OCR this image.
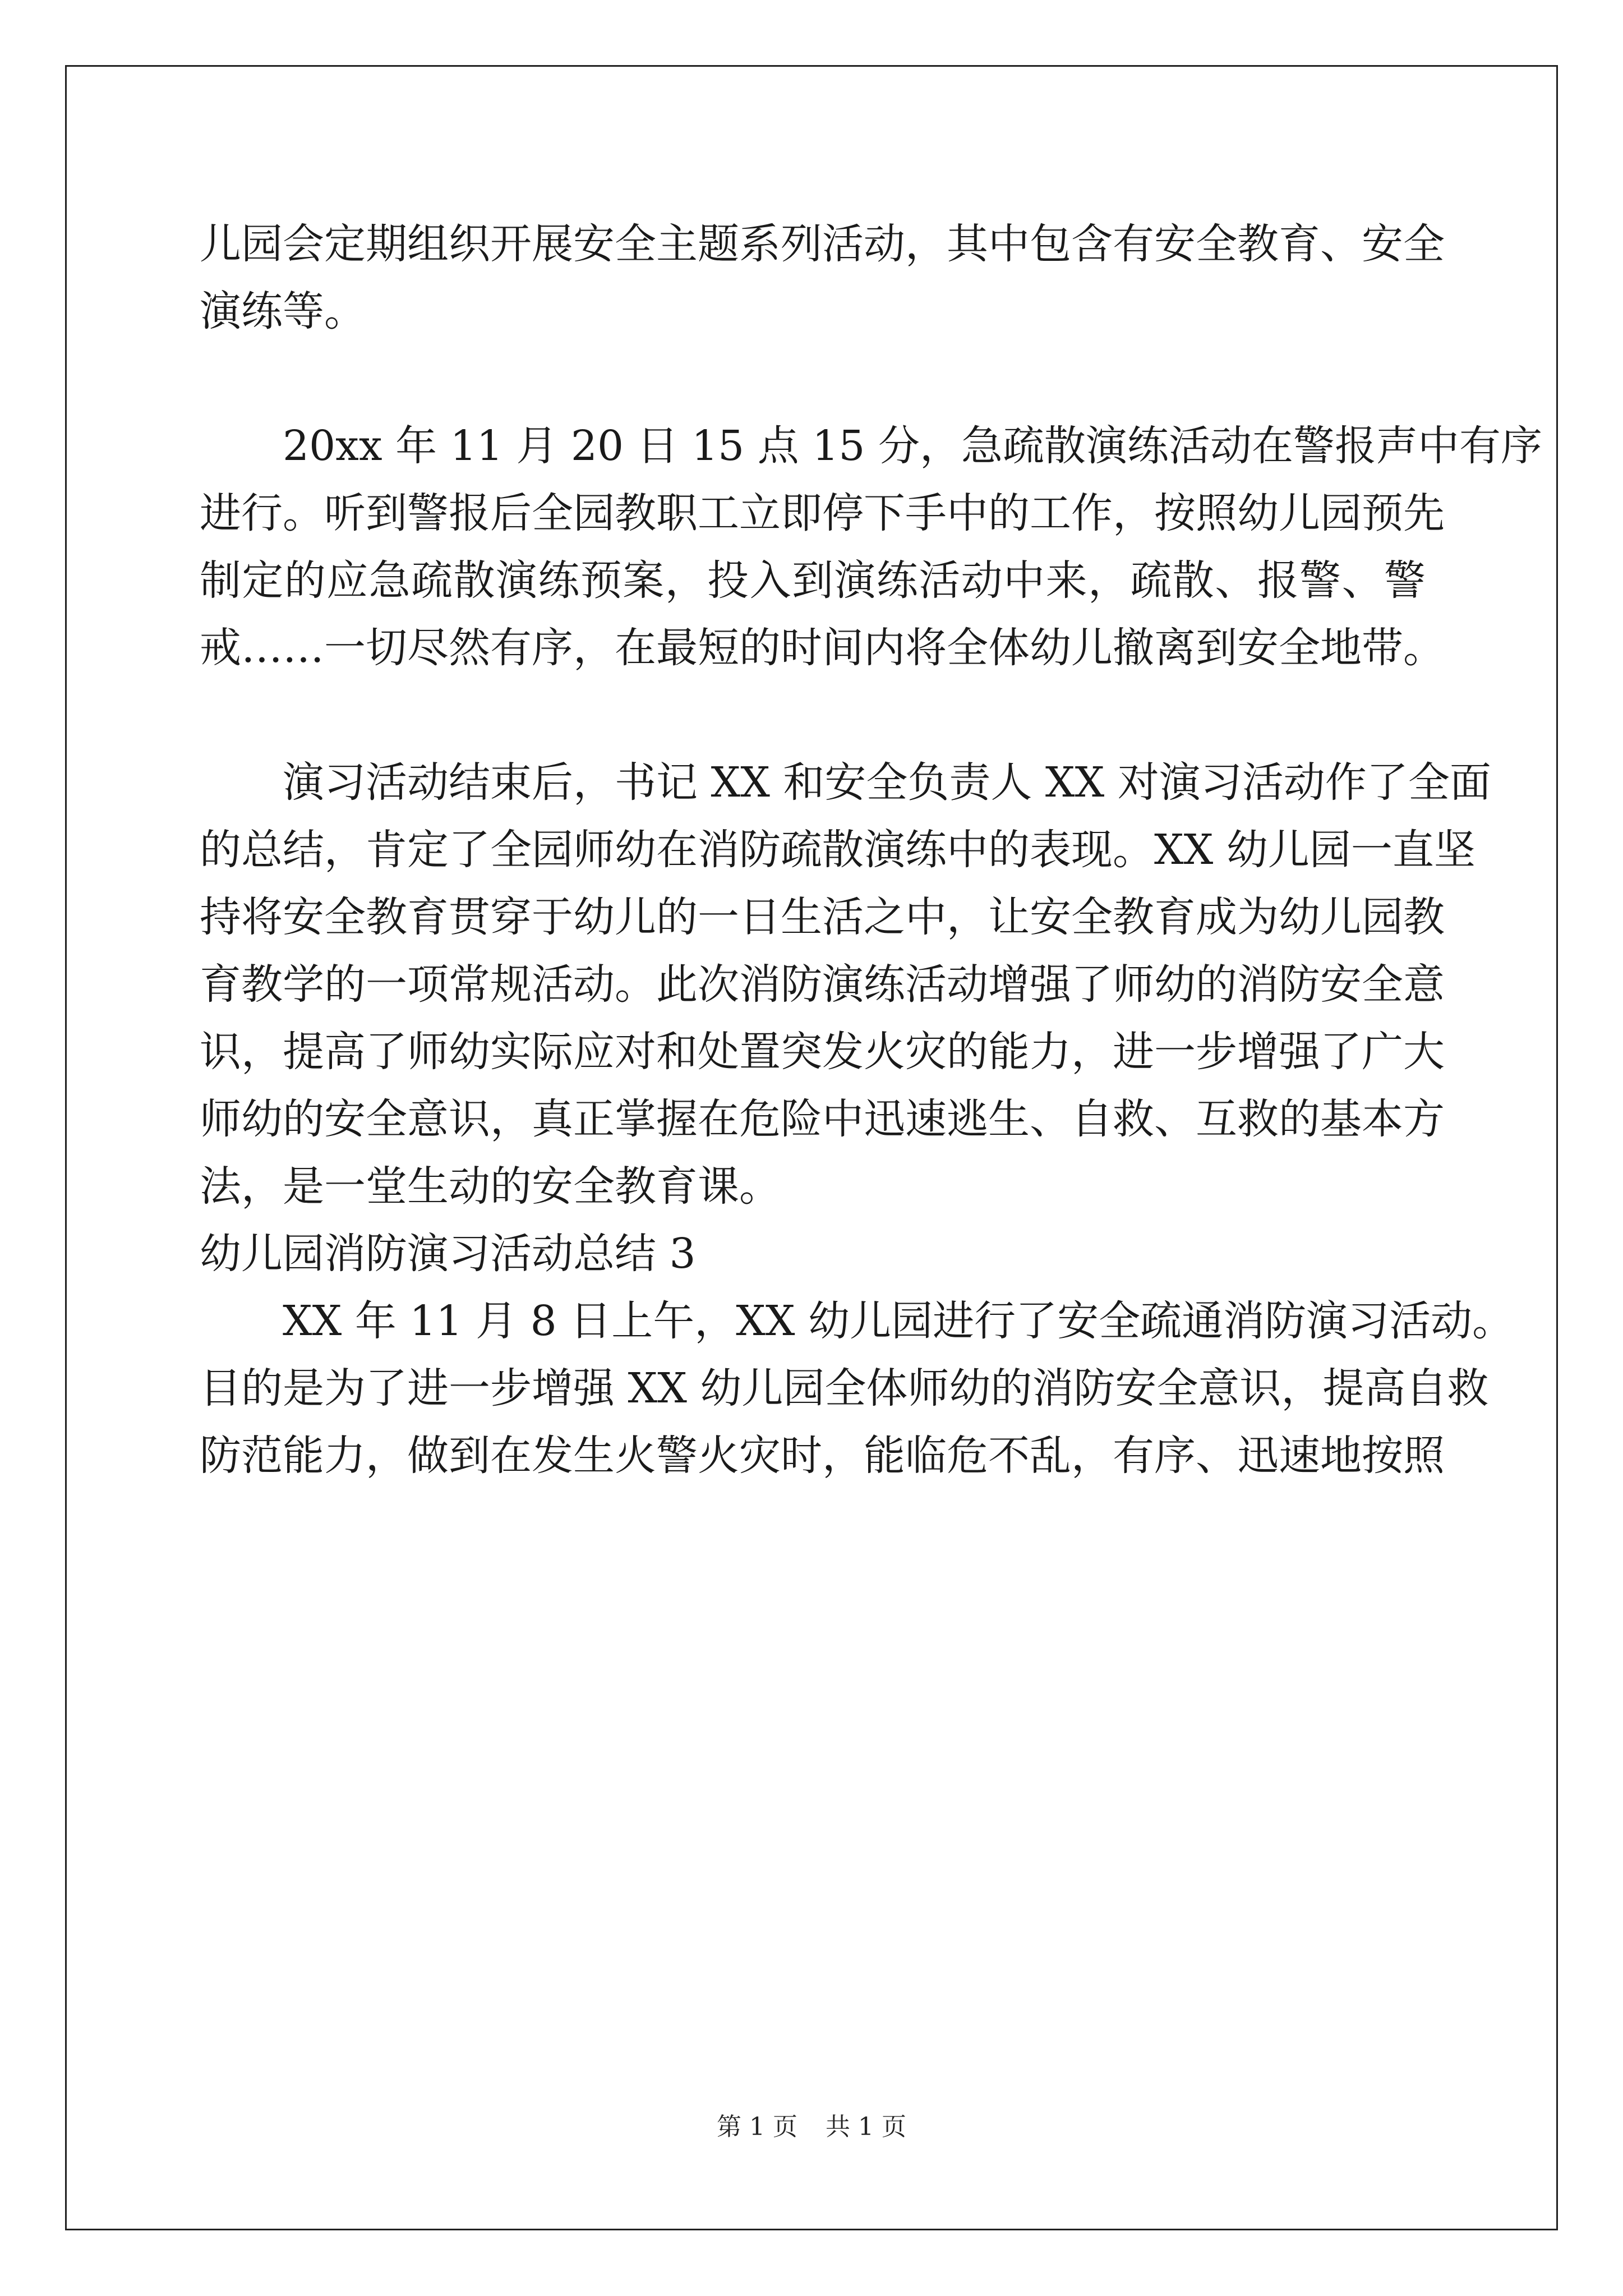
儿园会定期组织开展安全主题系列活动，其中包含有安全教育、安全
演练等。
20xx 年 11 月 20 日 15 点 15 分，急疏散演练活动在警报声中有序
进行。听到警报后全园教职工立即停下手中的工作，按照幼儿园预先
制定的应急疏散演练预案，投入到演练活动中来，疏散、报警、警
戒……一切尽然有序，在最短的时间内将全体幼儿撤离到安全地带。
演习活动结束后，书记 XX 和安全负责人 XX 对演习活动作了全面
的总结，肯定了全园师幼在消防疏散演练中的表现。XX 幼儿园一直坚
持将安全教育贯穿于幼儿的一日生活之中，让安全教育成为幼儿园教
育教学的一项常规活动。此次消防演练活动增强了师幼的消防安全意
识，提高了师幼实际应对和处置突发火灾的能力，进一步增强了广大
师幼的安全意识，真正掌握在危险中迅速逃生、自救、互救的基本方
法，是一堂生动的安全教育课。
幼儿园消防演习活动总结 3
XX 年 11 月 8 日上午，XX 幼儿园进行了安全疏通消防演习活动。
目的是为了进一步增强 XX 幼儿园全体师幼的消防安全意识，提高自救
防范能力，做到在发生火警火灾时，能临危不乱，有序、迅速地按照
第 1 页 共 1 页
